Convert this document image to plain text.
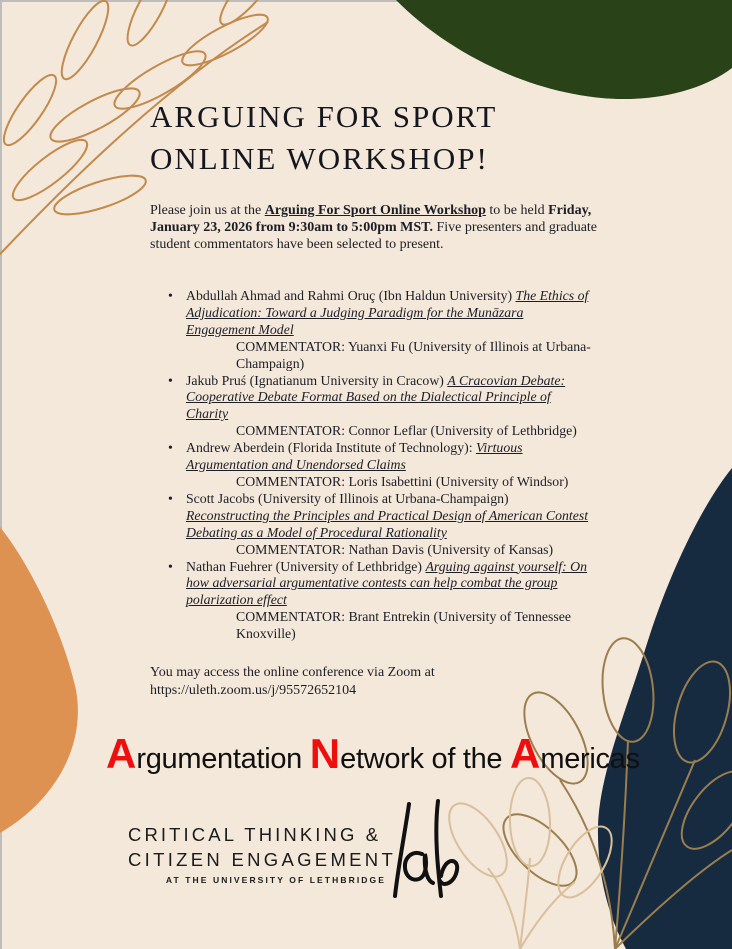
ARGUING FOR SPORT
ONLINE WORKSHOP!

Please join us at the Arguing For Sport Online Workshop to be held Friday, January 23, 2026 from 9:30am to 5:00pm MST. Five presenters and graduate student commentators have been selected to present.

• Abdullah Ahmad and Rahmi Oruç (Ibn Haldun University) The Ethics of Adjudication: Toward a Judging Paradigm for the Munāzara Engagement Model
COMMENTATOR: Yuanxi Fu (University of Illinois at Urbana-Champaign)
• Jakub Pruś (Ignatianum University in Cracow) A Cracovian Debate: Cooperative Debate Format Based on the Dialectical Principle of Charity
COMMENTATOR: Connor Leflar (University of Lethbridge)
• Andrew Aberdein (Florida Institute of Technology): Virtuous Argumentation and Unendorsed Claims
COMMENTATOR: Loris Isabettini (University of Windsor)
• Scott Jacobs (University of Illinois at Urbana-Champaign) Reconstructing the Principles and Practical Design of American Contest Debating as a Model of Procedural Rationality
COMMENTATOR: Nathan Davis (University of Kansas)
• Nathan Fuehrer (University of Lethbridge) Arguing against yourself: On how adversarial argumentative contests can help combat the group polarization effect
COMMENTATOR: Brant Entrekin (University of Tennessee Knoxville)

You may access the online conference via Zoom at
https://uleth.zoom.us/j/95572652104

Argumentation Network of the Americas
CRITICAL THINKING &
CITIZEN ENGAGEMENT
AT THE UNIVERSITY OF LETHBRIDGE
